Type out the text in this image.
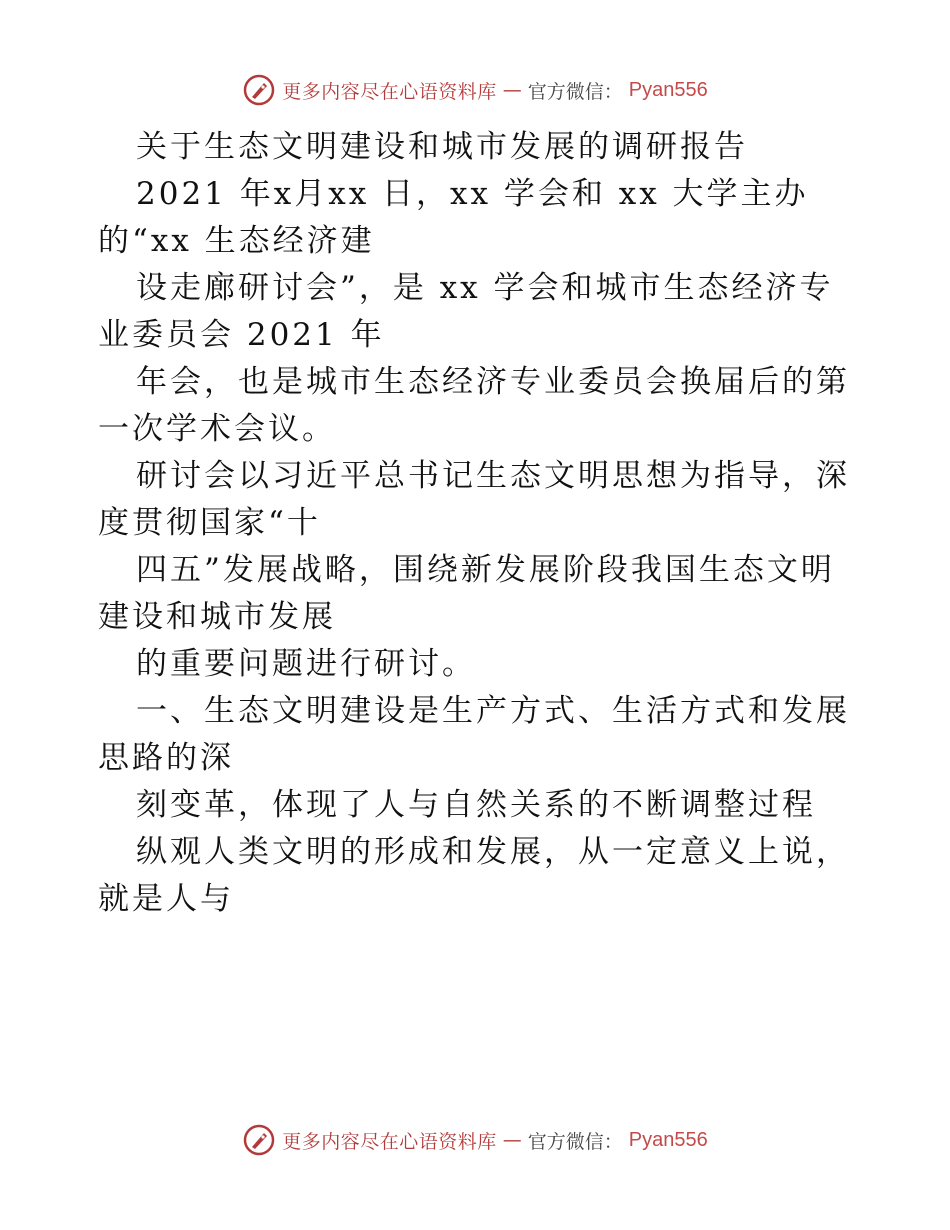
更多内容尽在心语资料库 — 官方微信： Pyan556
关于生态文明建设和城市发展的调研报告
2021 年x月xx 日，xx 学会和 xx 大学主办
的“xx 生态经济建
设走廊研讨会”，是 xx 学会和城市生态经济专
业委员会 2021 年
年会，也是城市生态经济专业委员会换届后的第
一次学术会议。
研讨会以习近平总书记生态文明思想为指导，深
度贯彻国家“十
四五”发展战略，围绕新发展阶段我国生态文明
建设和城市发展
的重要问题进行研讨。
一、生态文明建设是生产方式、生活方式和发展
思路的深
刻变革，体现了人与自然关系的不断调整过程
纵观人类文明的形成和发展，从一定意义上说，
就是人与
更多内容尽在心语资料库 — 官方微信： Pyan556
